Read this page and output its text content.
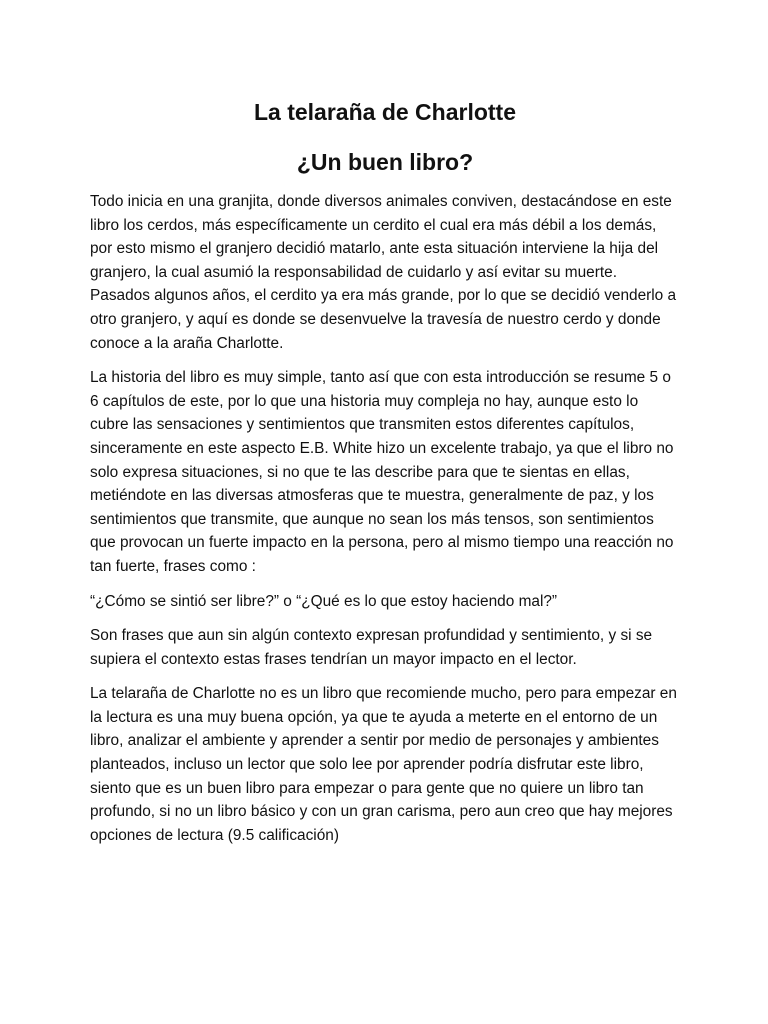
La telaraña de Charlotte
¿Un buen libro?

Todo inicia en una granjita, donde diversos animales conviven, destacándose en este libro los cerdos, más específicamente un cerdito el cual era más débil a los demás, por esto mismo el granjero decidió matarlo, ante esta situación interviene la hija del granjero, la cual asumió la responsabilidad de cuidarlo y así evitar su muerte. Pasados algunos años, el cerdito ya era más grande, por lo que se decidió venderlo a otro granjero, y aquí es donde se desenvuelve la travesía de nuestro cerdo y donde conoce a la araña Charlotte.

La historia del libro es muy simple, tanto así que con esta introducción se resume 5 o 6 capítulos de este, por lo que una historia muy compleja no hay, aunque esto lo cubre las sensaciones y sentimientos que transmiten estos diferentes capítulos, sinceramente en este aspecto E.B. White hizo un excelente trabajo, ya que el libro no solo expresa situaciones, si no que te las describe para que te sientas en ellas, metiéndote en las diversas atmosferas que te muestra, generalmente de paz, y los sentimientos que transmite, que aunque no sean los más tensos, son sentimientos que provocan un fuerte impacto en la persona, pero al mismo tiempo una reacción no tan fuerte, frases como :

“¿Cómo se sintió ser libre?” o “¿Qué es lo que estoy haciendo mal?”

Son frases que aun sin algún contexto expresan profundidad y sentimiento, y si se supiera el contexto estas frases tendrían un mayor impacto en el lector.

La telaraña de Charlotte no es un libro que recomiende mucho, pero para empezar en la lectura es una muy buena opción, ya que te ayuda a meterte en el entorno de un libro, analizar el ambiente y aprender a sentir por medio de personajes y ambientes planteados, incluso un lector que solo lee por aprender podría disfrutar este libro, siento que es un buen libro para empezar o para gente que no quiere un libro tan profundo, si no un libro básico y con un gran carisma, pero aun creo que hay mejores opciones de lectura (9.5 calificación)
